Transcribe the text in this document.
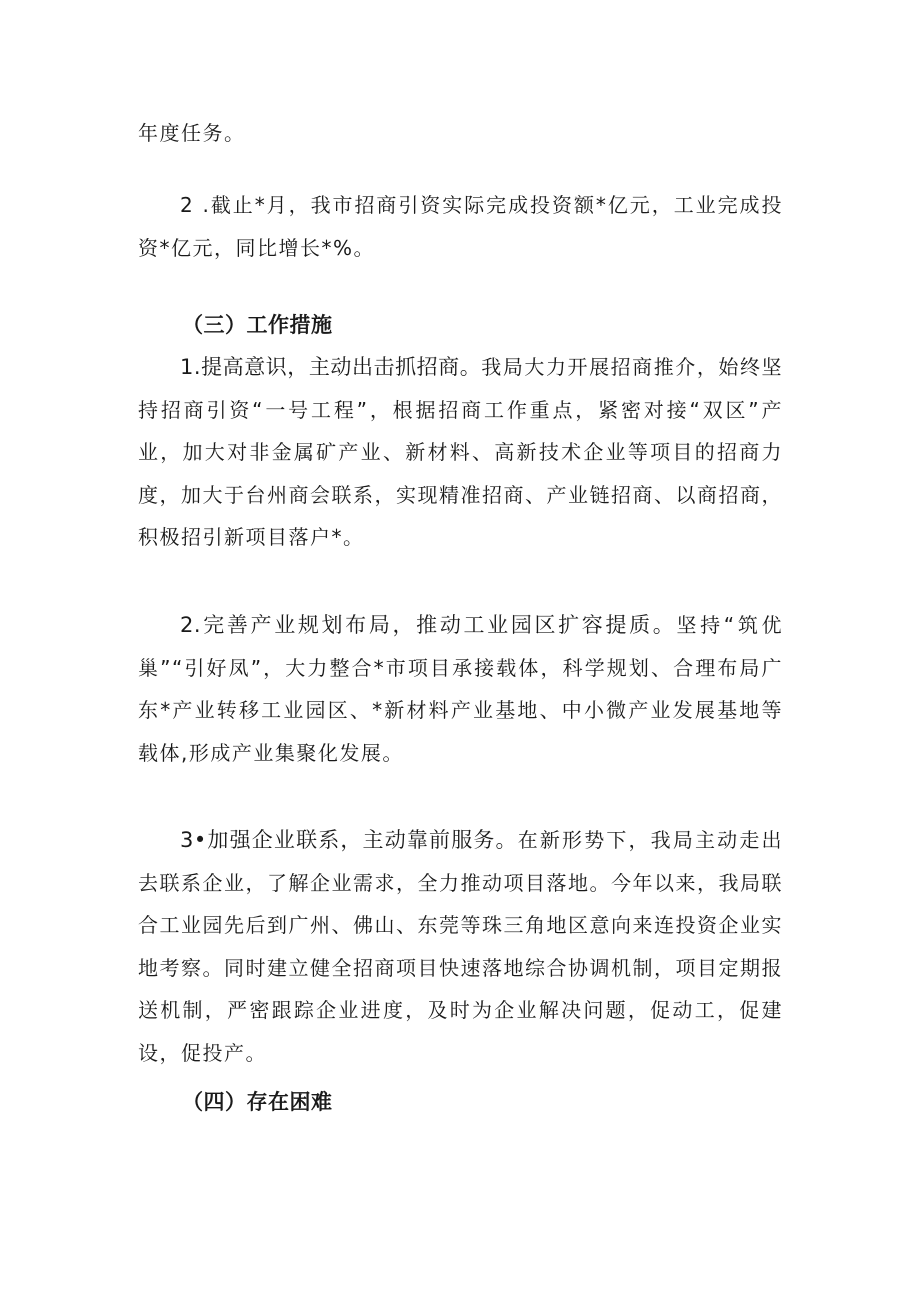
年度任务。

2 .截止*月，我市招商引资实际完成投资额*亿元，工业完成投资*亿元，同比增长*%。

（三）工作措施

1.提高意识，主动出击抓招商。我局大力开展招商推介，始终坚持招商引资“一号工程”，根据招商工作重点，紧密对接“双区”产业，加大对非金属矿产业、新材料、高新技术企业等项目的招商力度，加大于台州商会联系，实现精准招商、产业链招商、以商招商，积极招引新项目落户*。

2.完善产业规划布局，推动工业园区扩容提质。坚持“筑优巢”“引好凤”，大力整合*市项目承接载体，科学规划、合理布局广东*产业转移工业园区、*新材料产业基地、中小微产业发展基地等载体,形成产业集聚化发展。

3•加强企业联系，主动靠前服务。在新形势下，我局主动走出去联系企业，了解企业需求，全力推动项目落地。今年以来，我局联合工业园先后到广州、佛山、东莞等珠三角地区意向来连投资企业实地考察。同时建立健全招商项目快速落地综合协调机制，项目定期报送机制，严密跟踪企业进度，及时为企业解决问题，促动工，促建设，促投产。

（四）存在困难
